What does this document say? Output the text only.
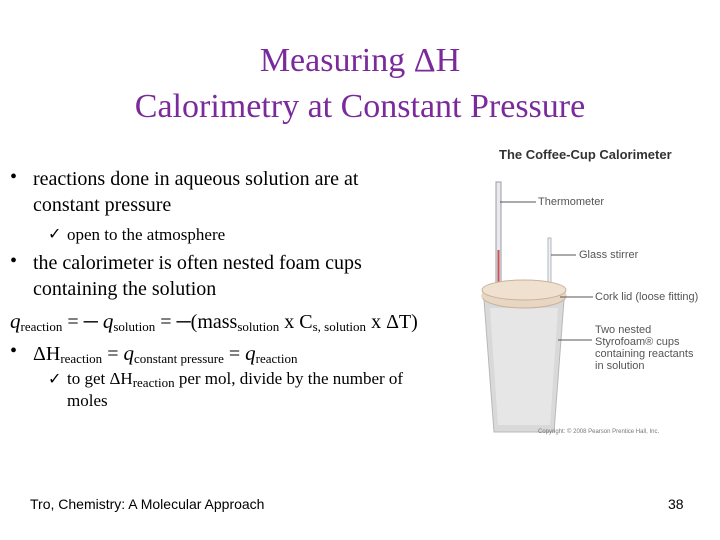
Measuring ΔH
Calorimetry at Constant Pressure
• reactions done in aqueous solution are at
constant pressure
✓ open to the atmosphere
• the calorimeter is often nested foam cups
containing the solution
$q_{reaction}$ = ─ $q_{solution}$ = ─(mass$_{solution}$ x $C_{s, solution}$ x ΔT)
• $\Delta H_{reaction} = q_{constant pressure} = q_{reaction}$
✓ to get $\Delta H_{reaction}$ per mol, divide by the number of
moles
The Coffee-Cup Calorimeter
Thermometer
Glass stirrer
Cork lid (loose fitting)
Two nested
Styrofoam® cups
containing reactants
in solution
Copyright: © 2008 Pearson Prentice Hall, Inc.
Tro, Chemistry: A Molecular Approach	38
